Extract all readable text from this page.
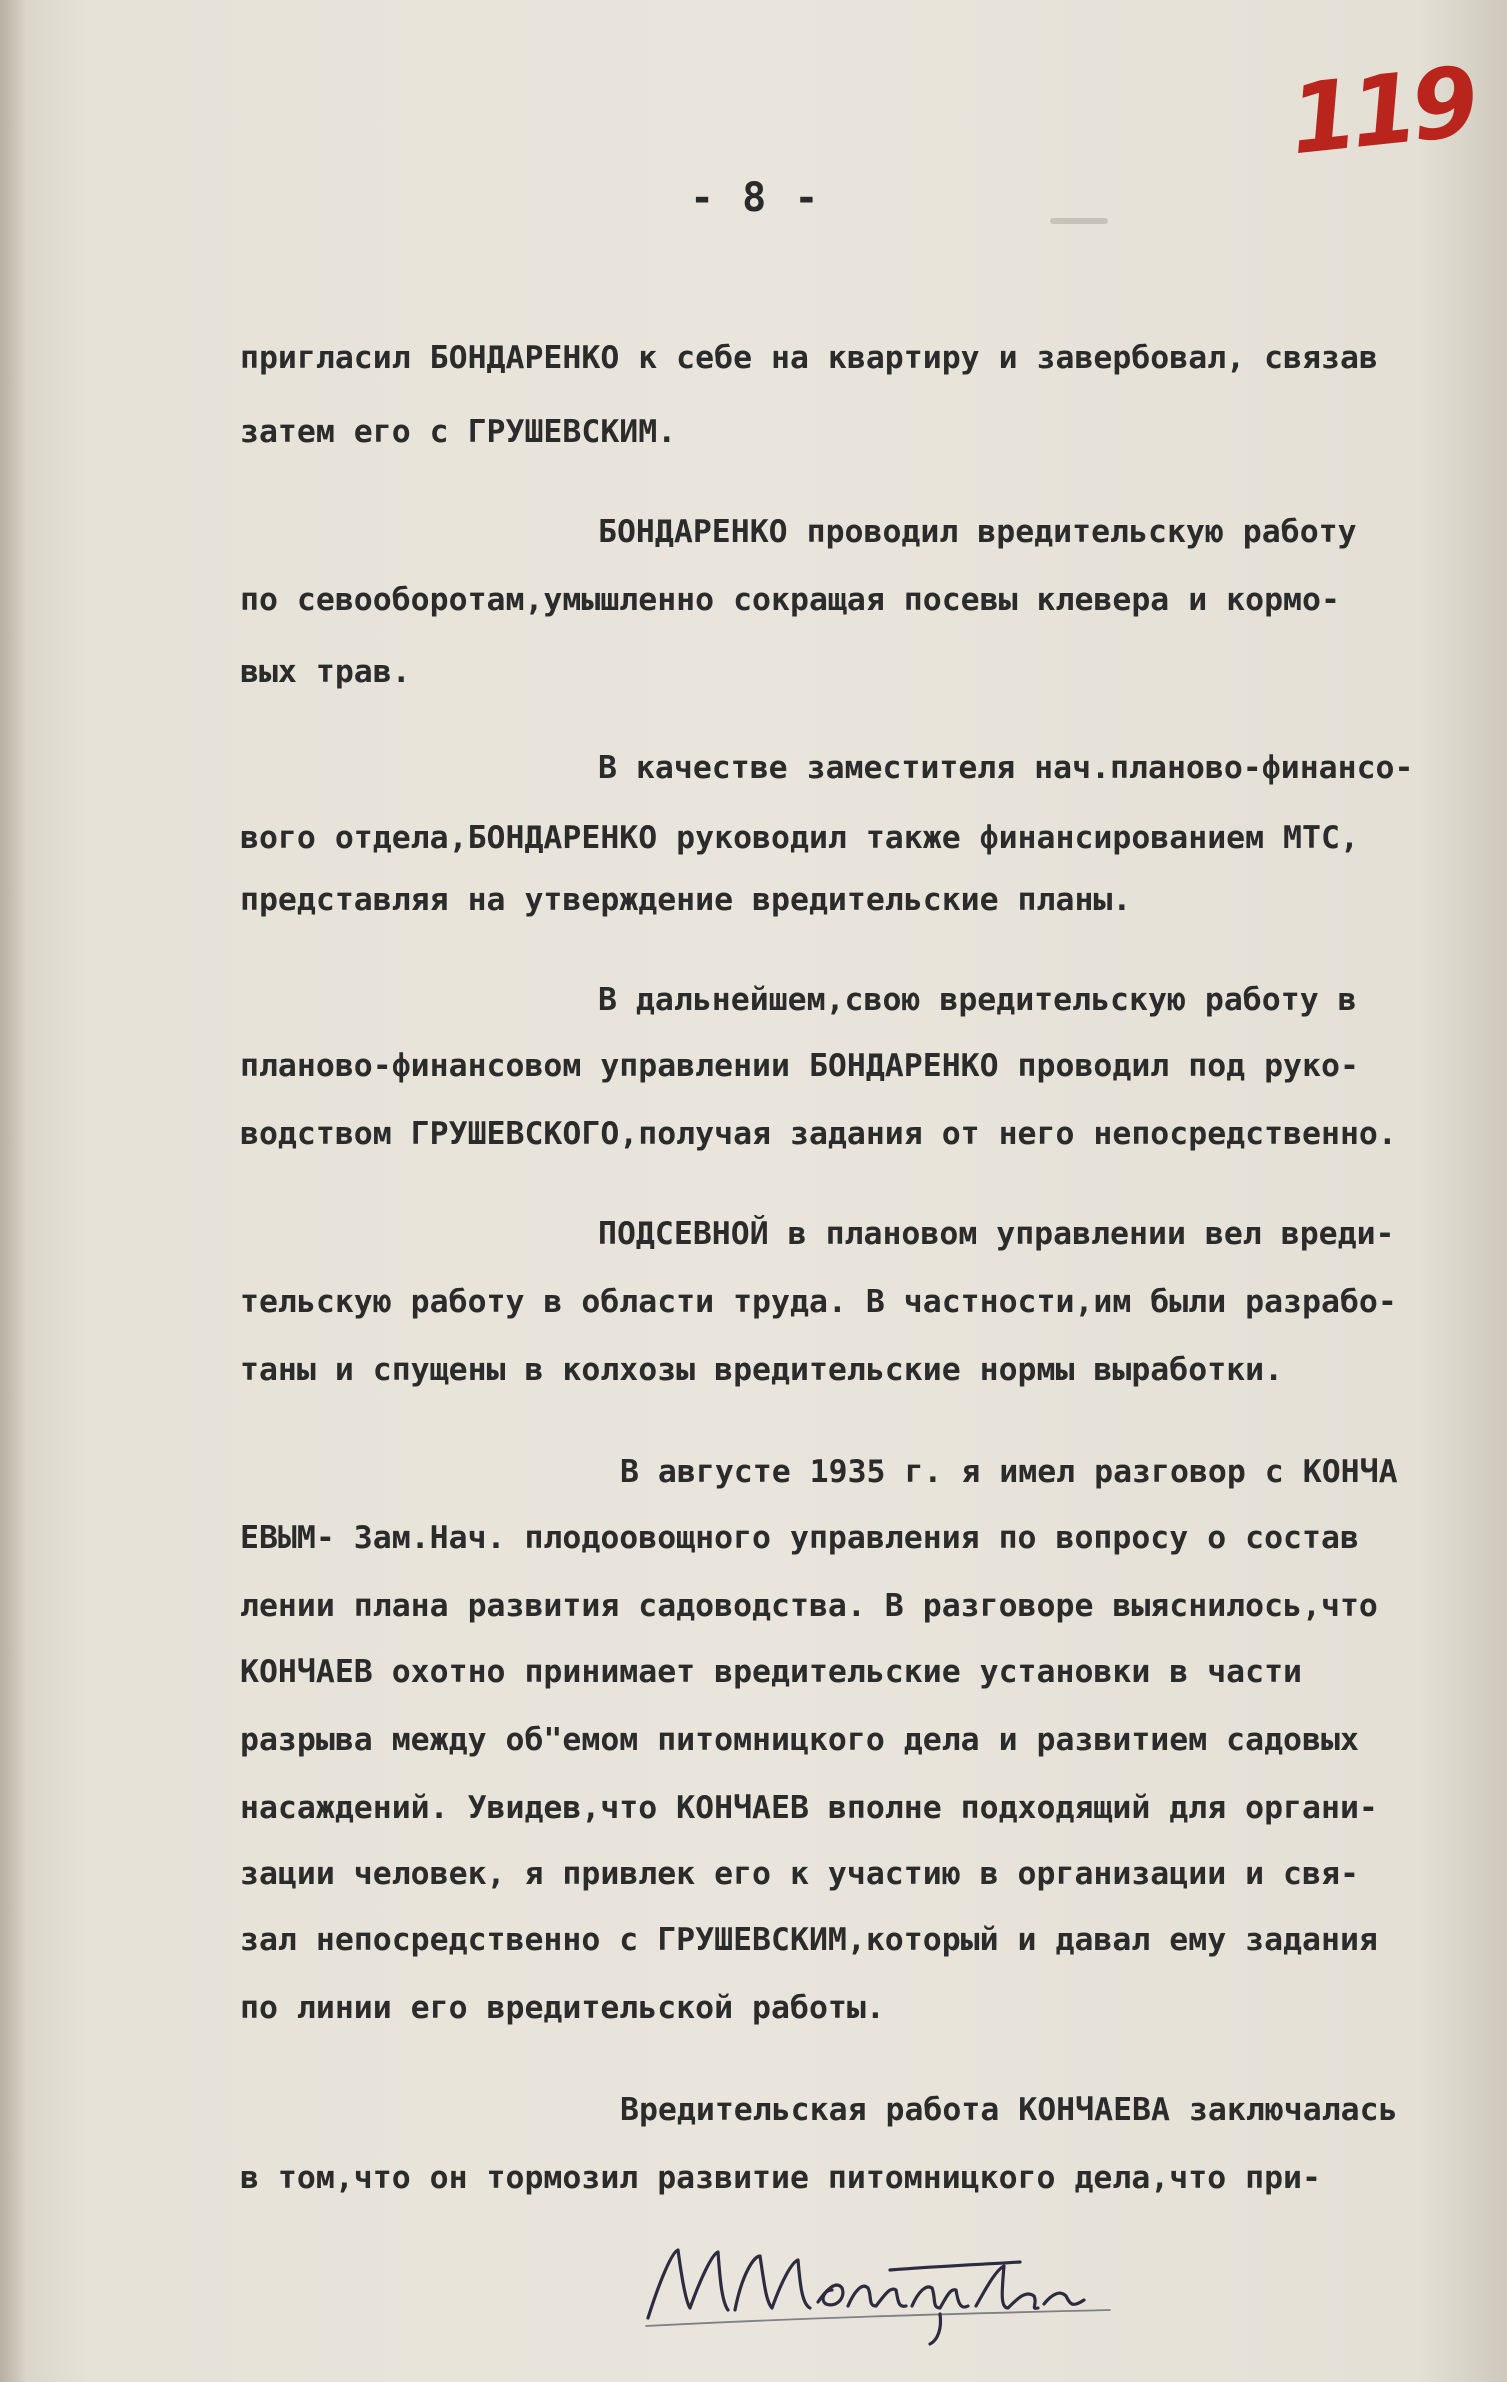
119
- 8 -
пригласил БОНДАРЕНКО к себе на квартиру и завербовал, связав
затем его с ГРУШЕВСКИМ.
БОНДАРЕНКО проводил вредительскую работу
по севооборотам,умышленно сокращая посевы клевера и кормо-
вых трав.
В качестве заместителя нач.планово-финансо-
вого отдела,БОНДАРЕНКО руководил также финансированием МТС,
представляя на утверждение вредительские планы.
В дальнейшем,свою вредительскую работу в
планово-финансовом управлении БОНДАРЕНКО проводил под руко-
водством ГРУШЕВСКОГО,получая задания от него непосредственно.
ПОДСЕВНОЙ в плановом управлении вел вреди-
тельскую работу в области труда. В частности,им были разрабо-
таны и спущены в колхозы вредительские нормы выработки.
В августе 1935 г. я имел разговор с КОНЧА
ЕВЫМ- Зам.Нач. плодоовощного управления по вопросу о состав
лении плана развития садоводства. В разговоре выяснилось,что
КОНЧАЕВ охотно принимает вредительские установки в части
разрыва между об"емом питомницкого дела и развитием садовых
насаждений. Увидев,что КОНЧАЕВ вполне подходящий для органи-
зации человек, я привлек его к участию в организации и свя-
зал непосредственно с ГРУШЕВСКИМ,который и давал ему задания
по линии его вредительской работы.
Вредительская работа КОНЧАЕВА заключалась
в том,что он тормозил развитие питомницкого дела,что при-
